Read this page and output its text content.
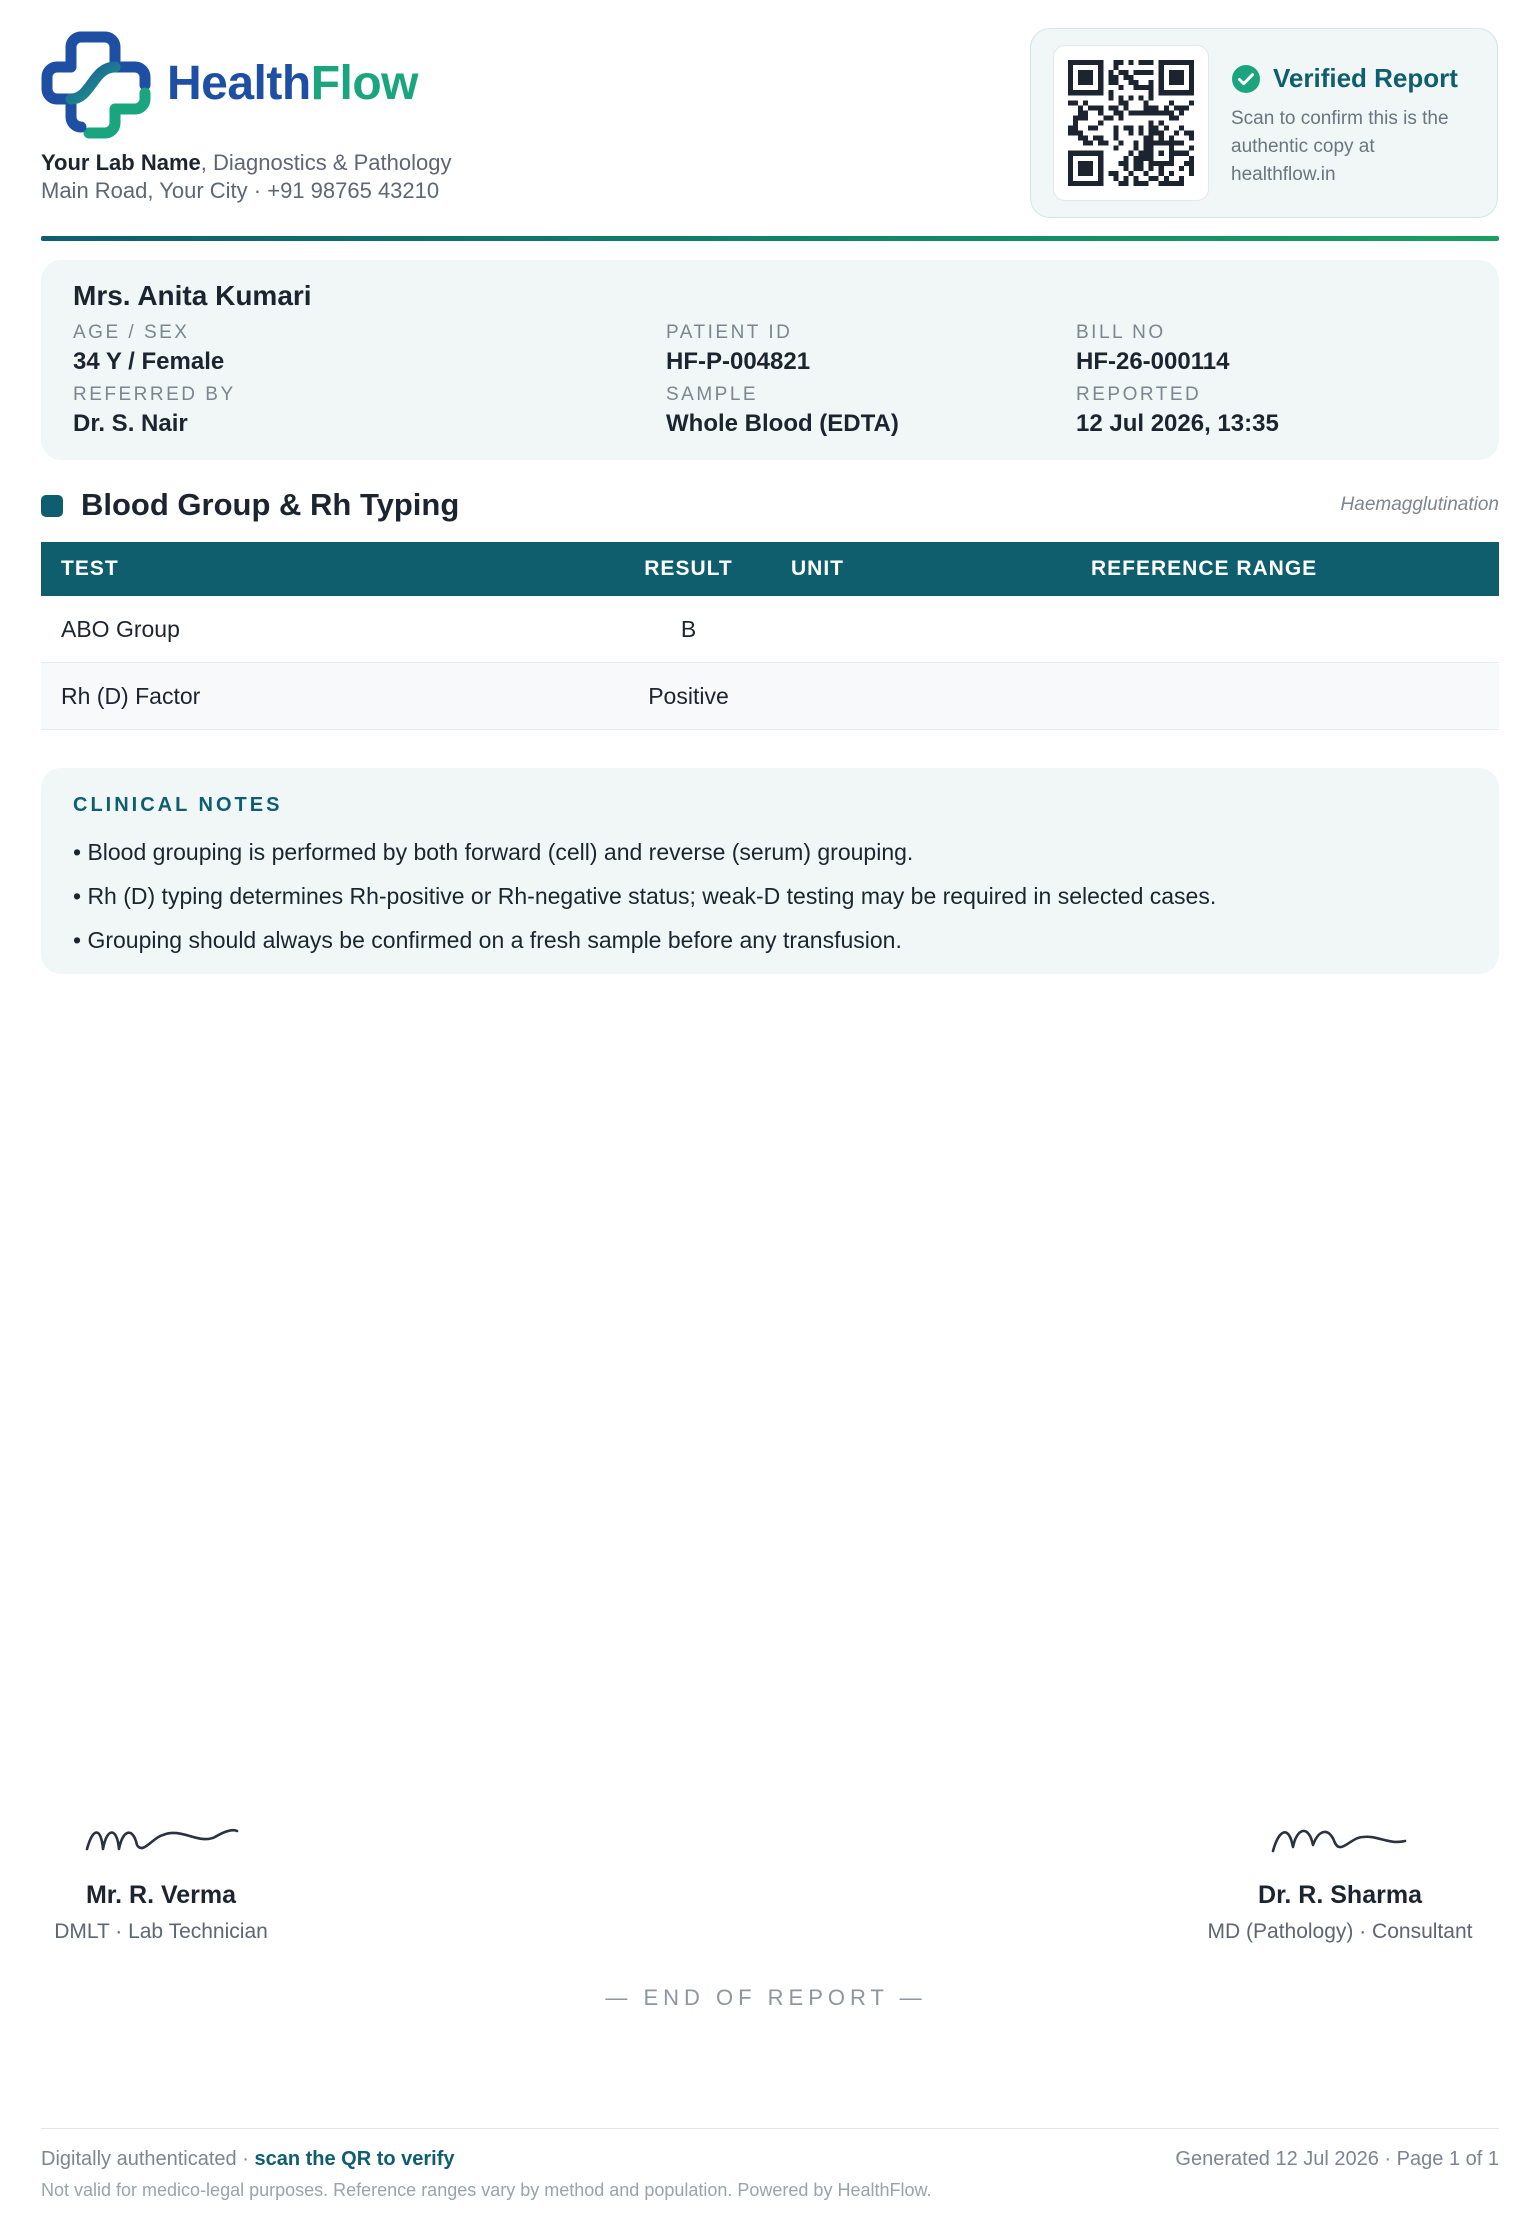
HealthFlow
Your Lab Name, Diagnostics & Pathology
Main Road, Your City · +91 98765 43210
Verified Report
Scan to confirm this is the authentic copy at healthflow.in
Mrs. Anita Kumari
AGE / SEX
34 Y / Female
PATIENT ID
HF-P-004821
BILL NO
HF-26-000114
REFERRED BY
Dr. S. Nair
SAMPLE
Whole Blood (EDTA)
REPORTED
12 Jul 2026, 13:35
Blood Group & Rh Typing	Haemagglutination
TEST	RESULT	UNIT	REFERENCE RANGE
ABO Group	B		
Rh (D) Factor	Positive		
CLINICAL NOTES
• Blood grouping is performed by both forward (cell) and reverse (serum) grouping.
• Rh (D) typing determines Rh-positive or Rh-negative status; weak-D testing may be required in selected cases.
• Grouping should always be confirmed on a fresh sample before any transfusion.
Mr. R. Verma
DMLT · Lab Technician
Dr. R. Sharma
MD (Pathology) · Consultant
— END OF REPORT —
Digitally authenticated · scan the QR to verify	Generated 12 Jul 2026 · Page 1 of 1
Not valid for medico-legal purposes. Reference ranges vary by method and population. Powered by HealthFlow.
